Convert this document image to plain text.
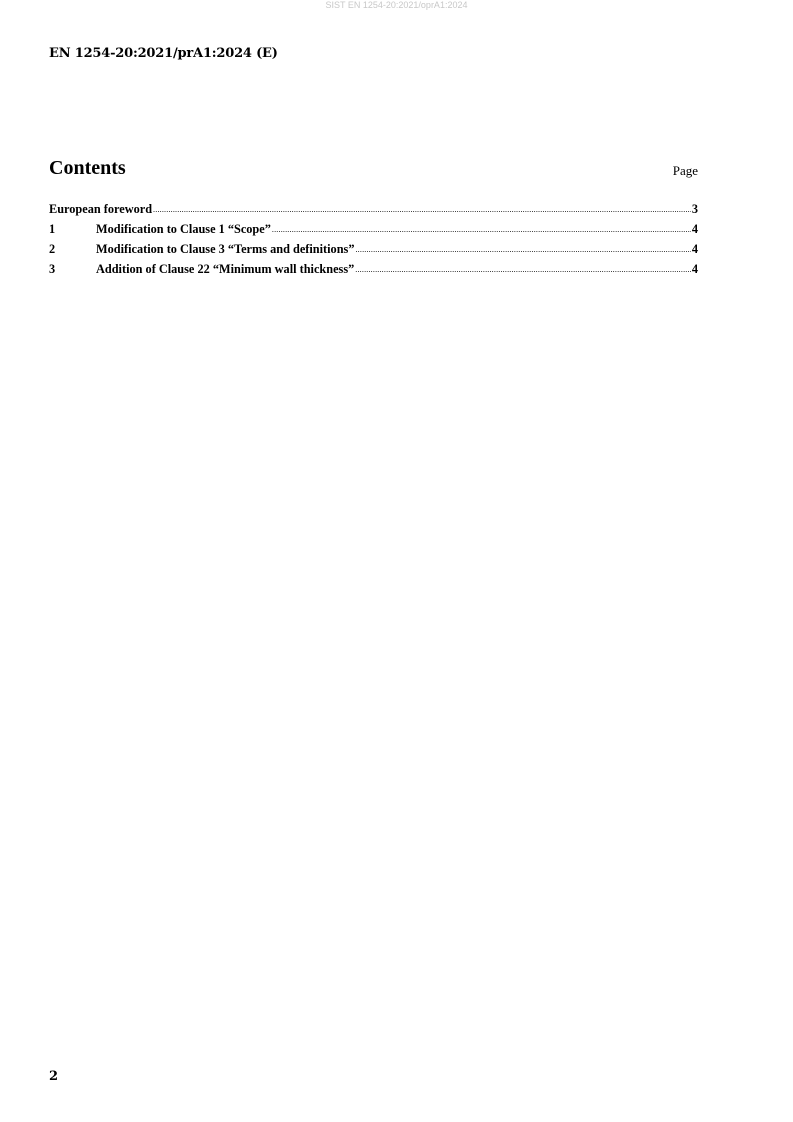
SIST EN 1254-20:2021/oprA1:2024
EN 1254-20:2021/prA1:2024 (E)
Contents	Page
European foreword .....	3
1	Modification to Clause 1 “Scope” .....	4
2	Modification to Clause 3 “Terms and definitions” .....	4
3	Addition of Clause 22 “Minimum wall thickness” .....	4
2
